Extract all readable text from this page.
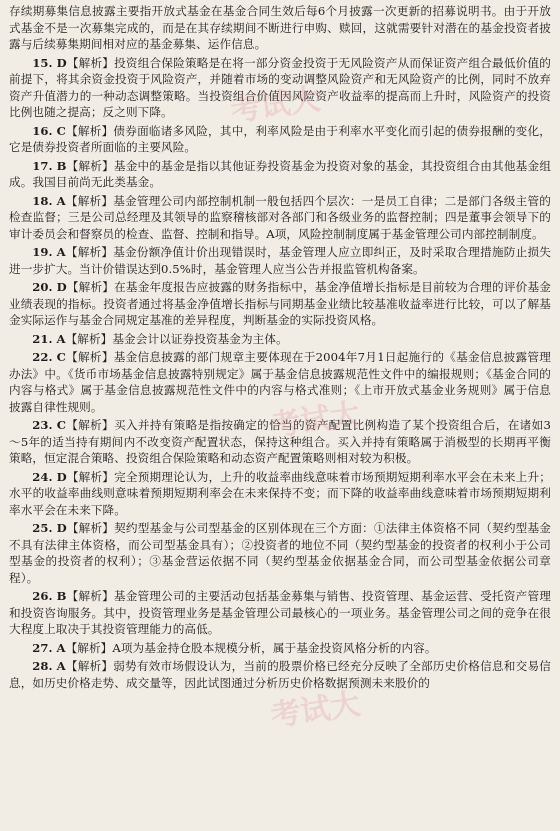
存续期募集信息披露主要指开放式基金在基金合同生效后每6个月披露一次更新的招募说明书。由于开放式基金不是一次募集完成的，而是在其存续期间不断进行申购、赎回，这就需要针对潜在的基金投资者披露与后续募集期间相对应的基金募集、运作信息。

15. D【解析】投资组合保险策略是在将一部分资金投资于无风险资产从而保证资产组合最低价值的前提下，将其余资金投资于风险资产，并随着市场的变动调整风险资产和无风险资产的比例，同时不放弃资产升值潜力的一种动态调整策略。当投资组合价值因风险资产收益率的提高而上升时，风险资产的投资比例也随之提高；反之则下降。

16. C【解析】债券面临诸多风险，其中，利率风险是由于利率水平变化而引起的债券报酬的变化，它是债券投资者所面临的主要风险。

17. B【解析】基金中的基金是指以其他证券投资基金为投资对象的基金，其投资组合由其他基金组成。我国目前尚无此类基金。

18. A【解析】基金管理公司内部控制机制一般包括四个层次：一是员工自律；二是部门各级主管的检查监督；三是公司总经理及其领导的监察稽核部对各部门和各级业务的监督控制；四是董事会领导下的审计委员会和督察员的检查、监督、控制和指导。A项，风险控制制度属于基金管理公司内部控制制度。

19. A【解析】基金份额净值计价出现错误时，基金管理人应立即纠正，及时采取合理措施防止损失进一步扩大。当计价错误达到0.5%时，基金管理人应当公告并报监管机构备案。

20. D【解析】在基金年度报告应披露的财务指标中，基金净值增长指标是目前较为合理的评价基金业绩表现的指标。投资者通过将基金净值增长指标与同期基金业绩比较基准收益率进行比较，可以了解基金实际运作与基金合同规定基准的差异程度，判断基金的实际投资风格。

21. A【解析】基金会计以证券投资基金为主体。

22. C【解析】基金信息披露的部门规章主要体现在于2004年7月1日起施行的《基金信息披露管理办法》中。《货币市场基金信息披露特别规定》属于基金信息披露规范性文件中的编报规则；《基金合同的内容与格式》属于基金信息披露规范性文件中的内容与格式准则；《上市开放式基金业务规则》属于信息披露自律性规则。

23. C【解析】买入并持有策略是指按确定的恰当的资产配置比例构造了某个投资组合后，在诸如3～5年的适当持有期间内不改变资产配置状态，保持这种组合。买入并持有策略属于消极型的长期再平衡策略，恒定混合策略、投资组合保险策略和动态资产配置策略则相对较为积极。

24. D【解析】完全预期理论认为，上升的收益率曲线意味着市场预期短期利率水平会在未来上升；水平的收益率曲线则意味着预期短期利率会在未来保持不变；而下降的收益率曲线意味着市场预期短期利率水平会在未来下降。

25. D【解析】契约型基金与公司型基金的区别体现在三个方面：①法律主体资格不同（契约型基金不具有法律主体资格，而公司型基金具有）；②投资者的地位不同（契约型基金的投资者的权利小于公司型基金的投资者的权利）；③基金营运依据不同（契约型基金依据基金合同，而公司型基金依据公司章程）。

26. B【解析】基金管理公司的主要活动包括基金募集与销售、投资管理、基金运营、受托资产管理和投资咨询服务。其中，投资管理业务是基金管理公司最核心的一项业务。基金管理公司之间的竞争在很大程度上取决于其投资管理能力的高低。

27. A【解析】A项为基金持仓股本规模分析，属于基金投资风格分析的内容。

28. A【解析】弱势有效市场假设认为，当前的股票价格已经充分反映了全部历史价格信息和交易信息，如历史价格走势、成交量等，因此试图通过分析历史价格数据预测未来股价的

考试大
考试大
考试大
